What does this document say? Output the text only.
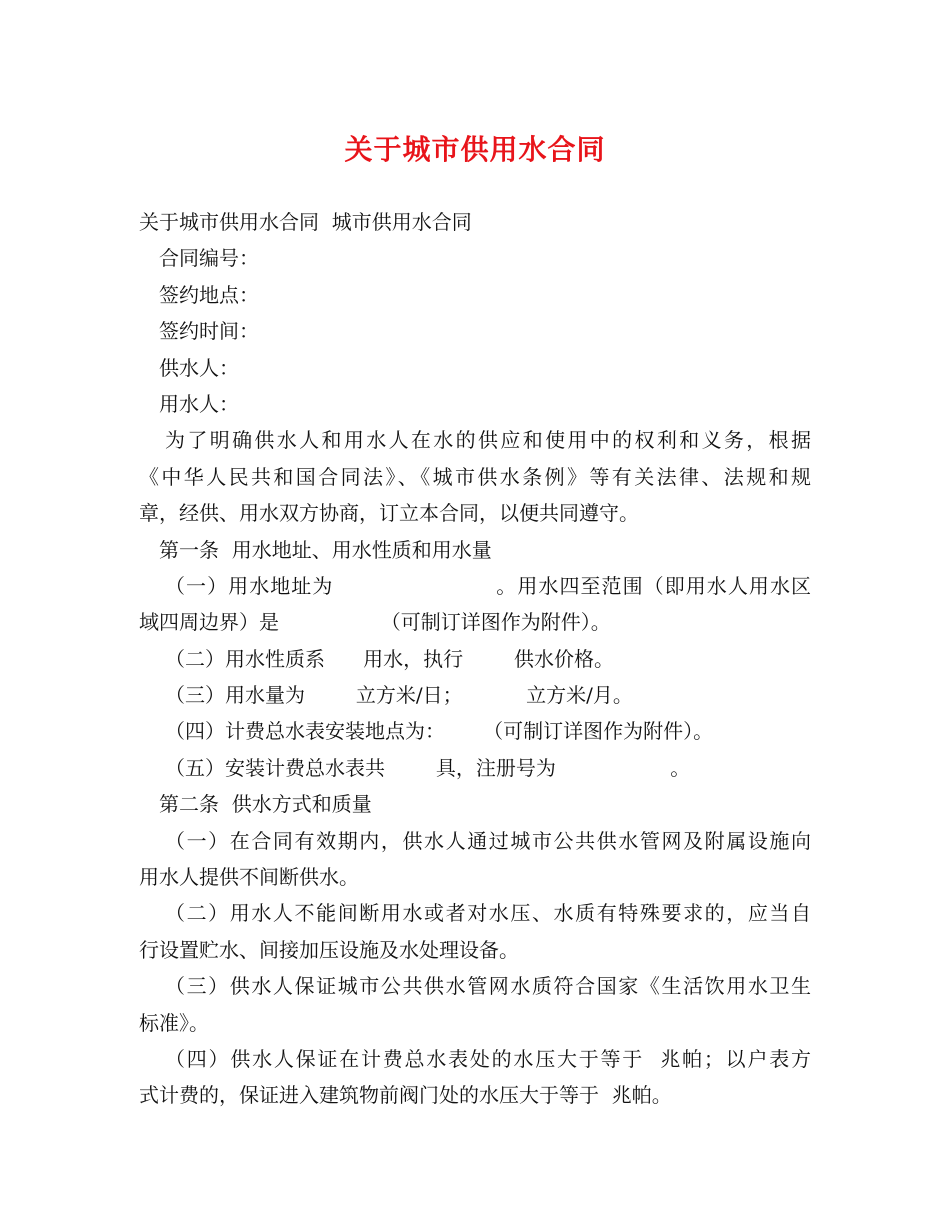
关于城市供用水合同
关于城市供用水合同  城市供用水合同
合同编号：
签约地点：
签约时间：
供水人：
用水人：
为了明确供水人和用水人在水的供应和使用中的权利和义务，根据
《中华人民共和国合同法》、《城市供水条例》等有关法律、法规和规
章，经供、用水双方协商，订立本合同，以便共同遵守。
第一条  用水地址、用水性质和用水量
（一）用水地址为                      。用水四至范围（即用水人用水区
域四周边界）是                （可制订详图作为附件）。
（二）用水性质系      用水，执行        供水价格。
（三）用水量为        立方米/日；          立方米/月。
（四）计费总水表安装地点为：      （可制订详图作为附件）。
（五）安装计费总水表共        具，注册号为                  。
第二条  供水方式和质量
（一）在合同有效期内，供水人通过城市公共供水管网及附属设施向
用水人提供不间断供水。
（二）用水人不能间断用水或者对水压、水质有特殊要求的，应当自
行设置贮水、间接加压设施及水处理设备。
（三）供水人保证城市公共供水管网水质符合国家《生活饮用水卫生
标准》。
（四）供水人保证在计费总水表处的水压大于等于  兆帕；以户表方
式计费的，保证进入建筑物前阀门处的水压大于等于  兆帕。
